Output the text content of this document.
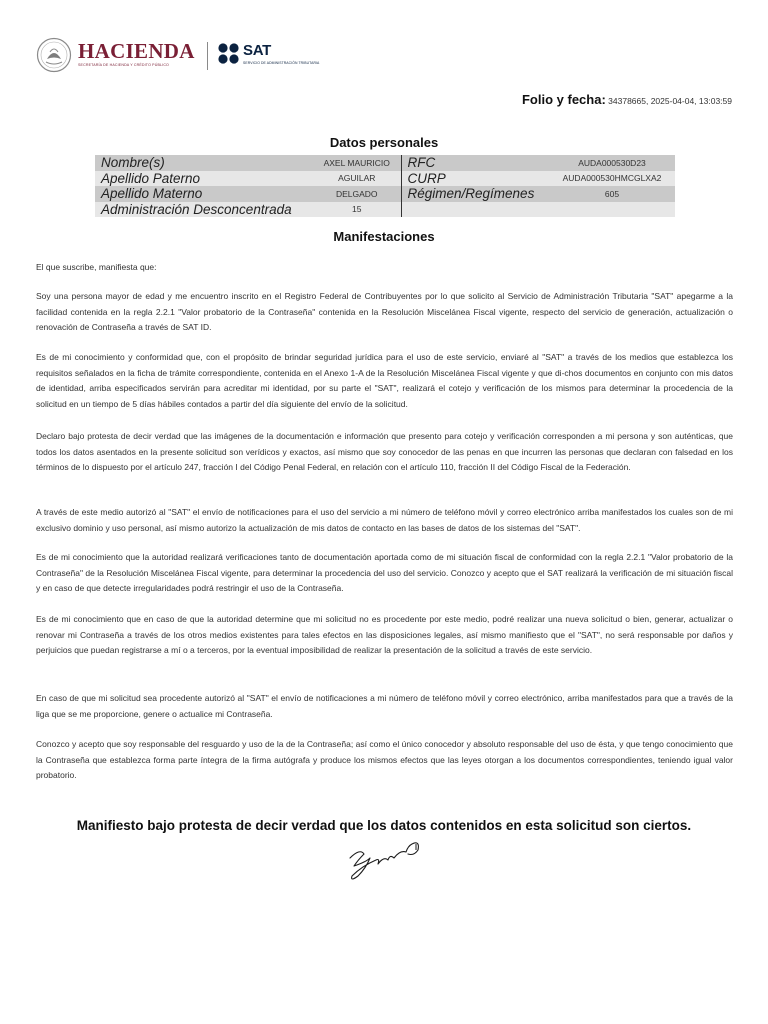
HACIENDA
SECRETARÍA DE HACIENDA Y CRÉDITO PÚBLICO
SAT
SERVICIO DE ADMINISTRACIÓN TRIBUTARIA
Folio y fecha: 34378665, 2025-04-04, 13:03:59
Datos personales
Nombre(s)	AXEL MAURICIO	RFC	AUDA000530D23
Apellido Paterno	AGUILAR	CURP	AUDA000530HMCGLXA2
Apellido Materno	DELGADO	Régimen/Regímenes	605
Administración Desconcentrada	15		
Manifestaciones
El que suscribe, manifiesta que:

Soy una persona mayor de edad y me encuentro inscrito en el Registro Federal de Contribuyentes por lo que solicito al Servicio de Administración Tributaria "SAT" apegarme a la facilidad contenida en la regla 2.2.1 "Valor probatorio de la Contraseña" contenida en la Resolución Miscelánea Fiscal vigente, respecto del servicio de generación, actualización o renovación de Contraseña a través de SAT ID.

Es de mi conocimiento y conformidad que, con el propósito de brindar seguridad jurídica para el uso de este servicio, enviaré al "SAT" a través de los medios que establezca los requisitos señalados en la ficha de trámite correspondiente, contenida en el Anexo 1-A de la Resolución Miscelánea Fiscal vigente y que di-chos documentos en conjunto con mis datos de identidad, arriba especificados servirán para acreditar mi identidad, por su parte el "SAT", realizará el cotejo y verificación de los mismos para determinar la procedencia de la solicitud en un tiempo de 5 días hábiles contados a partir del día siguiente del envío de la solicitud.

Declaro bajo protesta de decir verdad que las imágenes de la documentación e información que presento para cotejo y verificación corresponden a mi persona y son auténticas, que todos los datos asentados en la presente solicitud son verídicos y exactos, así mismo que soy conocedor de las penas en que incurren las personas que declaran con falsedad en los términos de lo dispuesto por el artículo 247, fracción I del Código Penal Federal, en relación con el artículo 110, fracción II del Código Fiscal de la Federación.

A través de este medio autorizó al "SAT" el envío de notificaciones para el uso del servicio a mi número de teléfono móvil y correo electrónico arriba manifestados los cuales son de mi exclusivo dominio y uso personal, así mismo autorizo la actualización de mis datos de contacto en las bases de datos de los sistemas del "SAT".

Es de mi conocimiento que la autoridad realizará verificaciones tanto de documentación aportada como de mi situación fiscal de conformidad con la regla 2.2.1 "Valor probatorio de la Contraseña" de la Resolución Miscelánea Fiscal vigente, para determinar la procedencia del uso del servicio. Conozco y acepto que el SAT realizará la verificación de mi situación fiscal y en caso de que detecte irregularidades podrá restringir el uso de la Contraseña.

Es de mi conocimiento que en caso de que la autoridad determine que mi solicitud no es procedente por este medio, podré realizar una nueva solicitud o bien, generar, actualizar o renovar mi Contraseña a través de los otros medios existentes para tales efectos en las disposiciones legales, así mismo manifiesto que el "SAT", no será responsable por daños y perjuicios que puedan registrarse a mí o a terceros, por la eventual imposibilidad de realizar la presentación de la solicitud a través de este servicio.

En caso de que mi solicitud sea procedente autorizó al "SAT" el envío de notificaciones a mi número de teléfono móvil y correo electrónico, arriba manifestados para que a través de la liga que se me proporcione, genere o actualice mi Contraseña.

Conozco y acepto que soy responsable del resguardo y uso de la de la Contraseña; así como el único conocedor y absoluto responsable del uso de ésta, y que tengo conocimiento que la Contraseña que establezca forma parte íntegra de la firma autógrafa y produce los mismos efectos que las leyes otorgan a los documentos correspondientes, teniendo igual valor probatorio.

Manifiesto bajo protesta de decir verdad que los datos contenidos en esta solicitud son ciertos.
